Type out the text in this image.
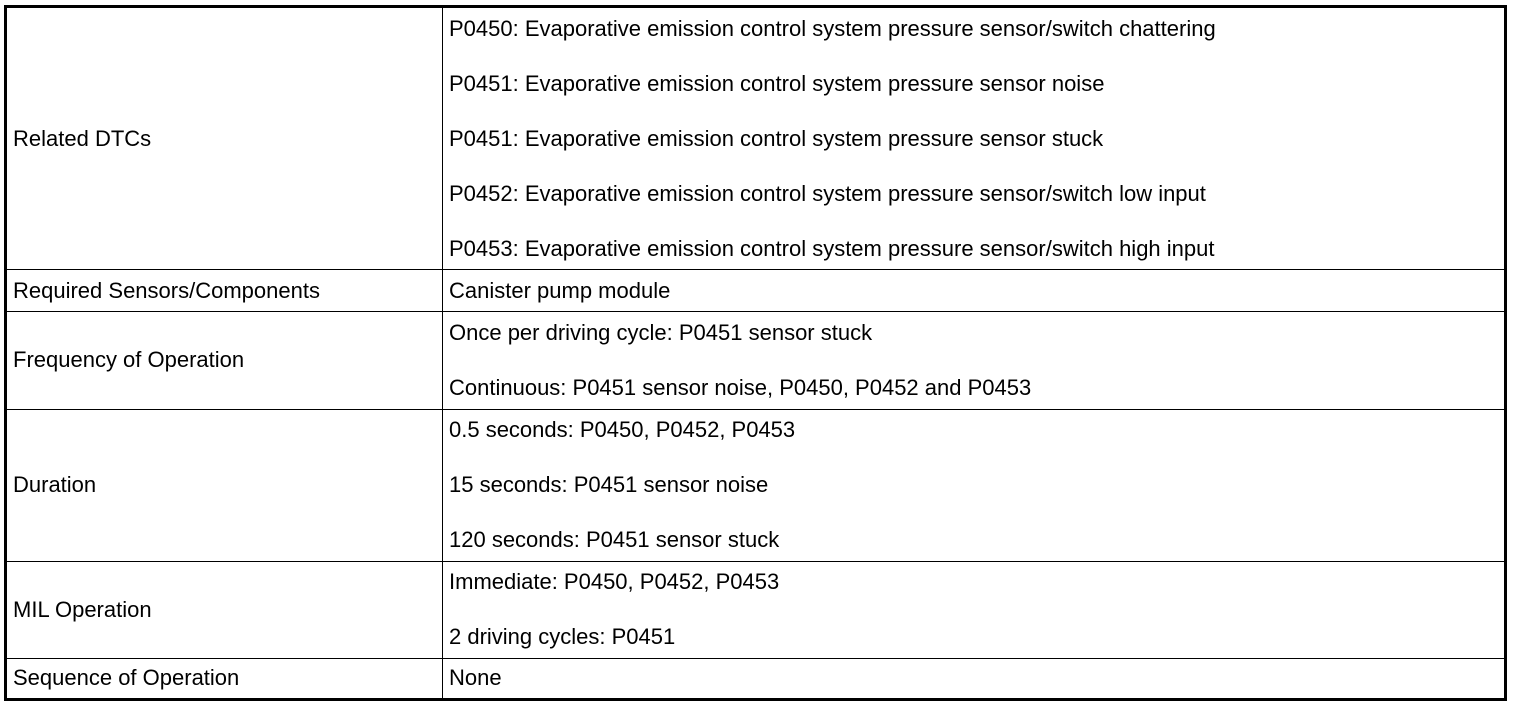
Related DTCs	P0450: Evaporative emission control system pressure sensor/switch chattering
P0451: Evaporative emission control system pressure sensor noise
P0451: Evaporative emission control system pressure sensor stuck
P0452: Evaporative emission control system pressure sensor/switch low input
P0453: Evaporative emission control system pressure sensor/switch high input

Required Sensors/Components	Canister pump module

Frequency of Operation	Once per driving cycle: P0451 sensor stuck
Continuous: P0451 sensor noise, P0450, P0452 and P0453

Duration	0.5 seconds: P0450, P0452, P0453
15 seconds: P0451 sensor noise
120 seconds: P0451 sensor stuck

MIL Operation	Immediate: P0450, P0452, P0453
2 driving cycles: P0451

Sequence of Operation	None
